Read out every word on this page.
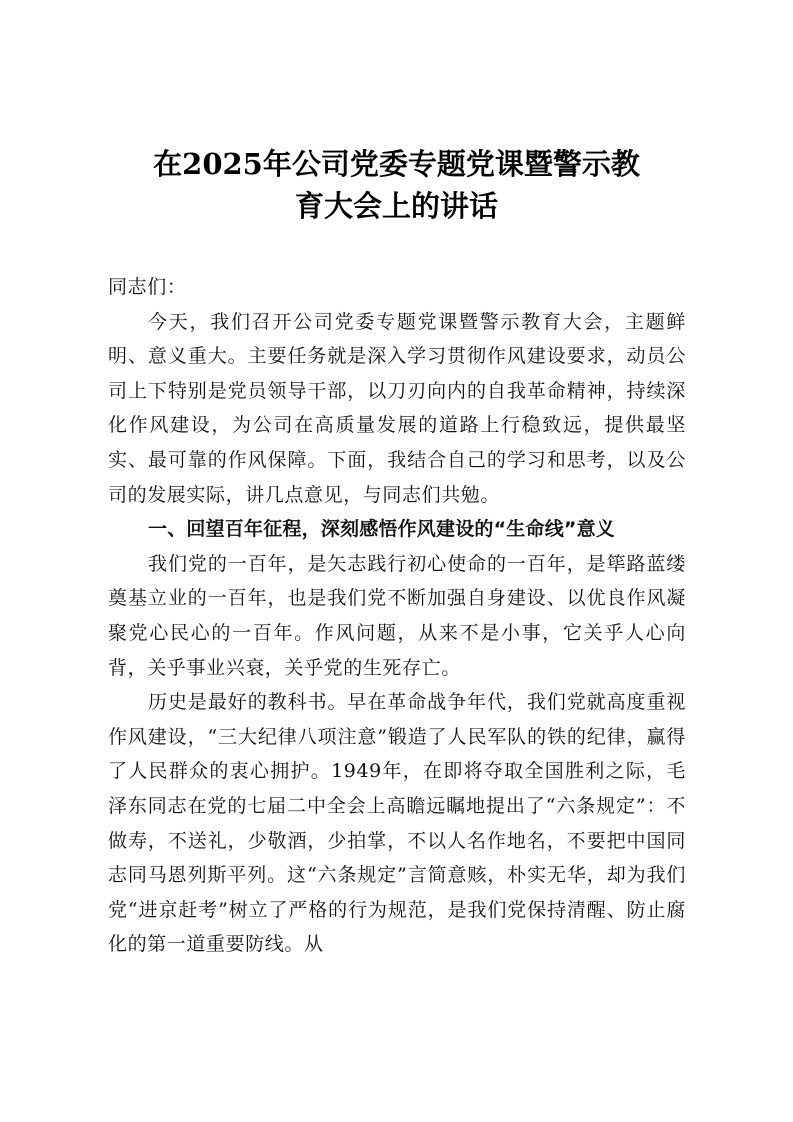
在2025年公司党委专题党课暨警示教
育大会上的讲话

同志们：

今天，我们召开公司党委专题党课暨警示教育大会，主题鲜明、意义重大。主要任务就是深入学习贯彻作风建设要求，动员公司上下特别是党员领导干部，以刀刃向内的自我革命精神，持续深化作风建设，为公司在高质量发展的道路上行稳致远，提供最坚实、最可靠的作风保障。下面，我结合自己的学习和思考，以及公司的发展实际，讲几点意见，与同志们共勉。

一、回望百年征程，深刻感悟作风建设的“生命线”意义

我们党的一百年，是矢志践行初心使命的一百年，是筚路蓝缕奠基立业的一百年，也是我们党不断加强自身建设、以优良作风凝聚党心民心的一百年。作风问题，从来不是小事，它关乎人心向背，关乎事业兴衰，关乎党的生死存亡。

历史是最好的教科书。早在革命战争年代，我们党就高度重视作风建设，“三大纪律八项注意”锻造了人民军队的铁的纪律，赢得了人民群众的衷心拥护。1949年，在即将夺取全国胜利之际，毛泽东同志在党的七届二中全会上高瞻远瞩地提出了“六条规定”：不做寿，不送礼，少敬酒，少拍掌，不以人名作地名，不要把中国同志同马恩列斯平列。这“六条规定”言简意赅，朴实无华，却为我们党“进京赶考”树立了严格的行为规范，是我们党保持清醒、防止腐化的第一道重要防线。从
